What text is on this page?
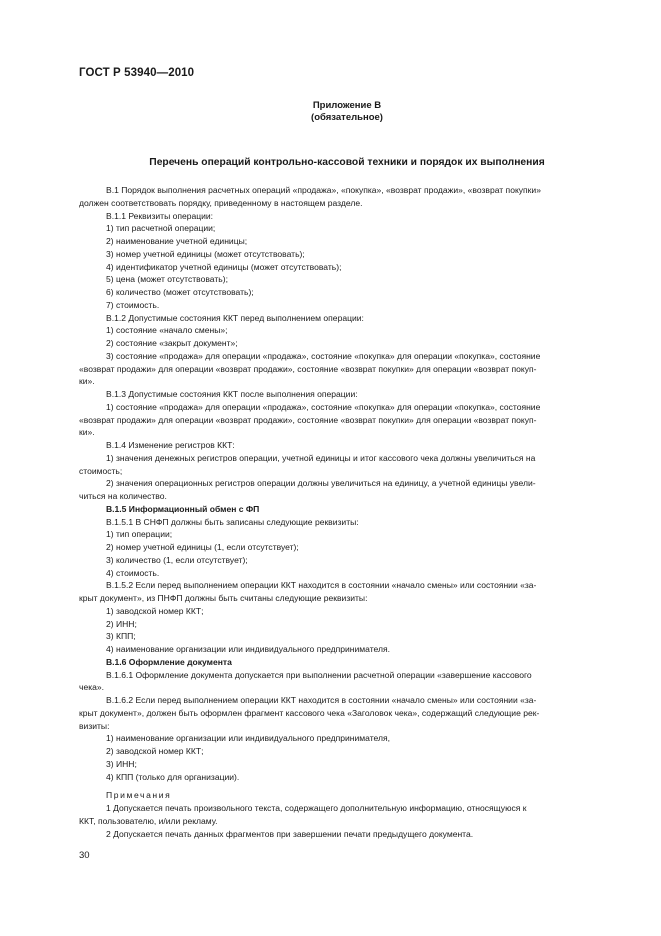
ГОСТ Р 53940—2010
Приложение В
(обязательное)
Перечень операций контрольно-кассовой техники и порядок их выполнения

В.1 Порядок выполнения расчетных операций «продажа», «покупка», «возврат продажи», «возврат покупки»

должен соответствовать порядку, приведенному в настоящем разделе.

В.1.1 Реквизиты операции:

1) тип расчетной операции;

2) наименование учетной единицы;

3) номер учетной единицы (может отсутствовать);

4) идентификатор учетной единицы (может отсутствовать);

5) цена (может отсутствовать);

6) количество (может отсутствовать);

7) стоимость.

В.1.2 Допустимые состояния ККТ перед выполнением операции:

1) состояние «начало смены»;

2) состояние «закрыт документ»;

3) состояние «продажа» для операции «продажа», состояние «покупка» для операции «покупка», состояние

«возврат продажи» для операции «возврат продажи», состояние «возврат покупки» для операции «возврат покуп-

ки».

В.1.3 Допустимые состояния ККТ после выполнения операции:

1) состояние «продажа» для операции «продажа», состояние «покупка» для операции «покупка», состояние

«возврат продажи» для операции «возврат продажи», состояние «возврат покупки» для операции «возврат покуп-

ки».

В.1.4 Изменение регистров ККТ:

1) значения денежных регистров операции, учетной единицы и итог кассового чека должны увеличиться на

стоимость;

2) значения операционных регистров операции должны увеличиться на единицу, а учетной единицы увели-

читься на количество.

В.1.5 Информационный обмен с ФП

В.1.5.1 В СНФП должны быть записаны следующие реквизиты:

1) тип операции;

2) номер учетной единицы (1, если отсутствует);

3) количество (1, если отсутствует);

4) стоимость.

В.1.5.2 Если перед выполнением операции ККТ находится в состоянии «начало смены» или состоянии «за-

крыт документ», из ПНФП должны быть считаны следующие реквизиты:

1) заводской номер ККТ;

2) ИНН;

3) КПП;

4) наименование организации или индивидуального предпринимателя.

В.1.6 Оформление документа

В.1.6.1 Оформление документа допускается при выполнении расчетной операции «завершение кассового

чека».

В.1.6.2 Если перед выполнением операции ККТ находится в состоянии «начало смены» или состоянии «за-

крыт документ», должен быть оформлен фрагмент кассового чека «Заголовок чека», содержащий следующие рек-

визиты:

1) наименование организации или индивидуального предпринимателя,

2) заводской номер ККТ;

3) ИНН;

4) КПП (только для организации).

Примечания

1 Допускается печать произвольного текста, содержащего дополнительную информацию, относящуюся к

ККТ, пользователю, и/или рекламу.

2 Допускается печать данных фрагментов при завершении печати предыдущего документа.

30
